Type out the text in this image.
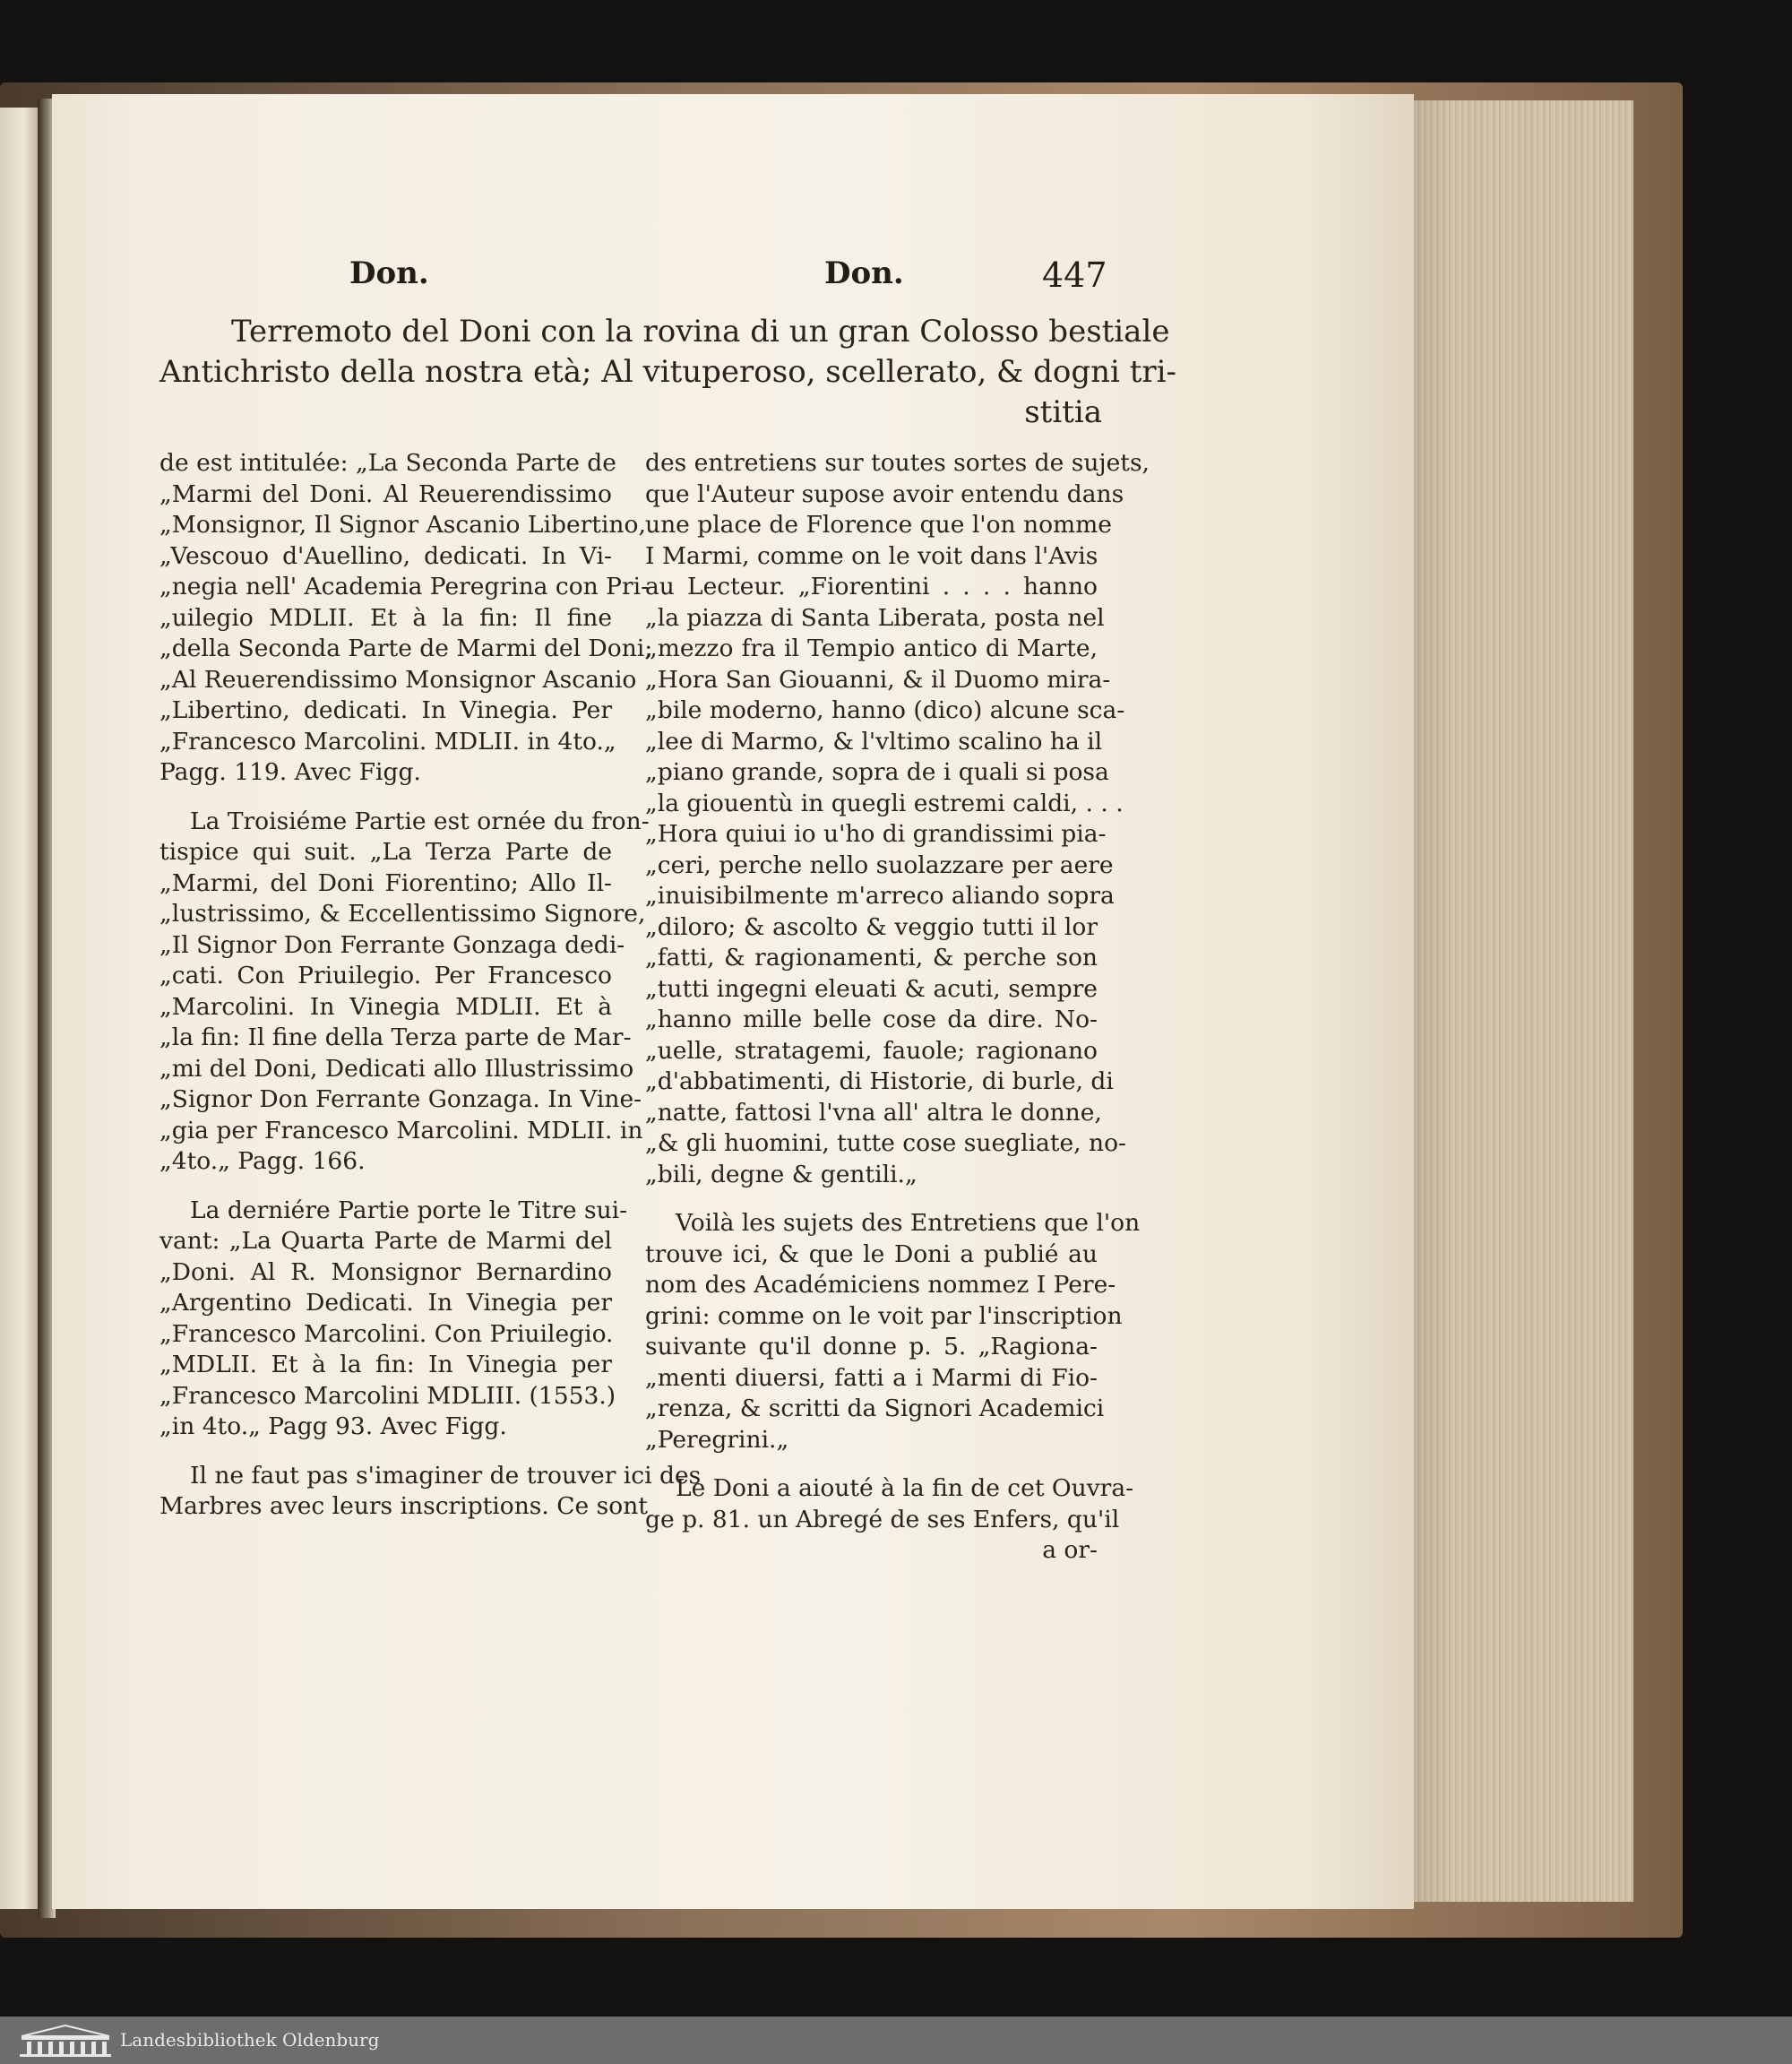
Don.	Don.	447
Terremoto del Doni con la rovina di un gran Colosso bestiale
Antichristo della nostra età; Al vituperoso, scellerato, & dogni tri-
stitia
de est intitulée: „La Seconda Parte de
„Marmi del Doni. Al Reuerendissimo
„Monsignor, Il Signor Ascanio Libertino,
„Vescouo d'Auellino, dedicati. In Vi-
„negia nell' Academia Peregrina con Pri-
„uilegio MDLII. Et à la fin: Il fine
„della Seconda Parte de Marmi del Doni;
„Al Reuerendissimo Monsignor Ascanio
„Libertino, dedicati. In Vinegia. Per
„Francesco Marcolini. MDLII. in 4to.„
Pagg. 119. Avec Figg.
La Troisiéme Partie est ornée du fron-
tispice qui suit. „La Terza Parte de
„Marmi, del Doni Fiorentino; Allo Il-
„lustrissimo, & Eccellentissimo Signore,
„Il Signor Don Ferrante Gonzaga dedi-
„cati. Con Priuilegio. Per Francesco
„Marcolini. In Vinegia MDLII. Et à
„la fin: Il fine della Terza parte de Mar-
„mi del Doni, Dedicati allo Illustrissimo
„Signor Don Ferrante Gonzaga. In Vine-
„gia per Francesco Marcolini. MDLII. in
„4to.„ Pagg. 166.
La derniére Partie porte le Titre sui-
vant: „La Quarta Parte de Marmi del
„Doni. Al R. Monsignor Bernardino
„Argentino Dedicati. In Vinegia per
„Francesco Marcolini. Con Priuilegio.
„MDLII. Et à la fin: In Vinegia per
„Francesco Marcolini MDLIII. (1553.)
„in 4to.„ Pagg 93. Avec Figg.
Il ne faut pas s'imaginer de trouver ici des
Marbres avec leurs inscriptions. Ce sont
des entretiens sur toutes sortes de sujets,
que l'Auteur supose avoir entendu dans
une place de Florence que l'on nomme
I Marmi, comme on le voit dans l'Avis
au Lecteur. „Fiorentini . . . . hanno
„la piazza di Santa Liberata, posta nel
„mezzo fra il Tempio antico di Marte,
„Hora San Giouanni, & il Duomo mira-
„bile moderno, hanno (dico) alcune sca-
„lee di Marmo, & l'vltimo scalino ha il
„piano grande, sopra de i quali si posa
„la giouentù in quegli estremi caldi, . . .
„Hora quiui io u'ho di grandissimi pia-
„ceri, perche nello suolazzare per aere
„inuisibilmente m'arreco aliando sopra
„diloro; & ascolto & veggio tutti il lor
„fatti, & ragionamenti, & perche son
„tutti ingegni eleuati & acuti, sempre
„hanno mille belle cose da dire. No-
„uelle, stratagemi, fauole; ragionano
„d'abbatimenti, di Historie, di burle, di
„natte, fattosi l'vna all' altra le donne,
„& gli huomini, tutte cose suegliate, no-
„bili, degne & gentili.„
Voilà les sujets des Entretiens que l'on
trouve ici, & que le Doni a publié au
nom des Académiciens nommez I Pere-
grini: comme on le voit par l'inscription
suivante qu'il donne p. 5. „Ragiona-
„menti diuersi, fatti a i Marmi di Fio-
„renza, & scritti da Signori Academici
„Peregrini.„
Le Doni a aiouté à la fin de cet Ouvra-
ge p. 81. un Abregé de ses Enfers, qu'il
a or-
Landesbibliothek Oldenburg
